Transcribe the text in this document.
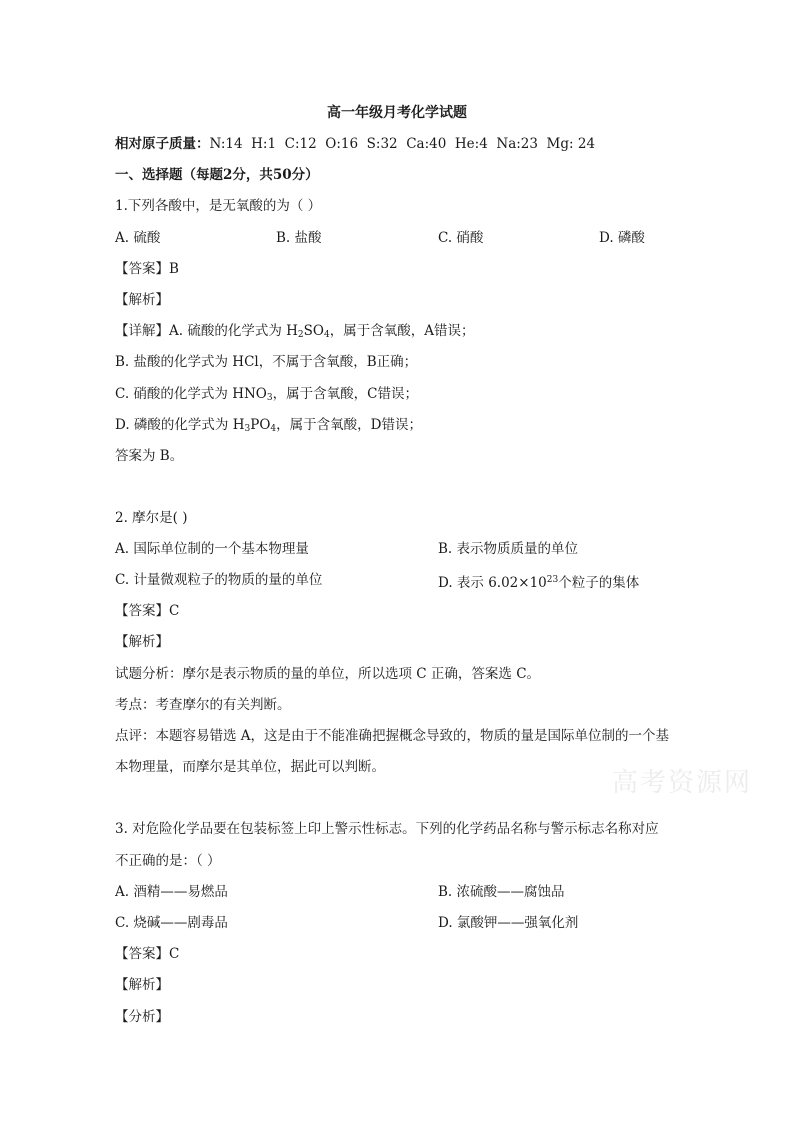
高一年级月考化学试题
相对原子质量：N:14  H:1  C:12  O:16  S:32  Ca:40  He:4  Na:23  Mg: 24
一、选择题（每题2分，共50分）
1.下列各酸中，是无氧酸的为（ ）
A. 硫酸	B. 盐酸	C. 硝酸	D. 磷酸
【答案】B
【解析】
【详解】A. 硫酸的化学式为 $H_2SO_4$，属于含氧酸，A错误；
B. 盐酸的化学式为 HCl，不属于含氧酸，B正确；
C. 硝酸的化学式为 $HNO_3$，属于含氧酸，C错误；
D. 磷酸的化学式为 $H_3PO_4$，属于含氧酸，D错误；
答案为 B。
2. 摩尔是( )
A. 国际单位制的一个基本物理量	B. 表示物质质量的单位
C. 计量微观粒子的物质的量的单位	D. 表示 $6.02\times 10^{23}$个粒子的集体
【答案】C
【解析】
试题分析：摩尔是表示物质的量的单位，所以选项 C 正确，答案选 C。
考点：考查摩尔的有关判断。
点评：本题容易错选 A，这是由于不能准确把握概念导致的，物质的量是国际单位制的一个基
本物理量，而摩尔是其单位，据此可以判断。
高考资源网
3. 对危险化学品要在包装标签上印上警示性标志。下列的化学药品名称与警示标志名称对应
不正确的是：（ ）
A. 酒精——易燃品	B. 浓硫酸——腐蚀品
C. 烧碱——剧毒品	D. 氯酸钾——强氧化剂
【答案】C
【解析】
【分析】
